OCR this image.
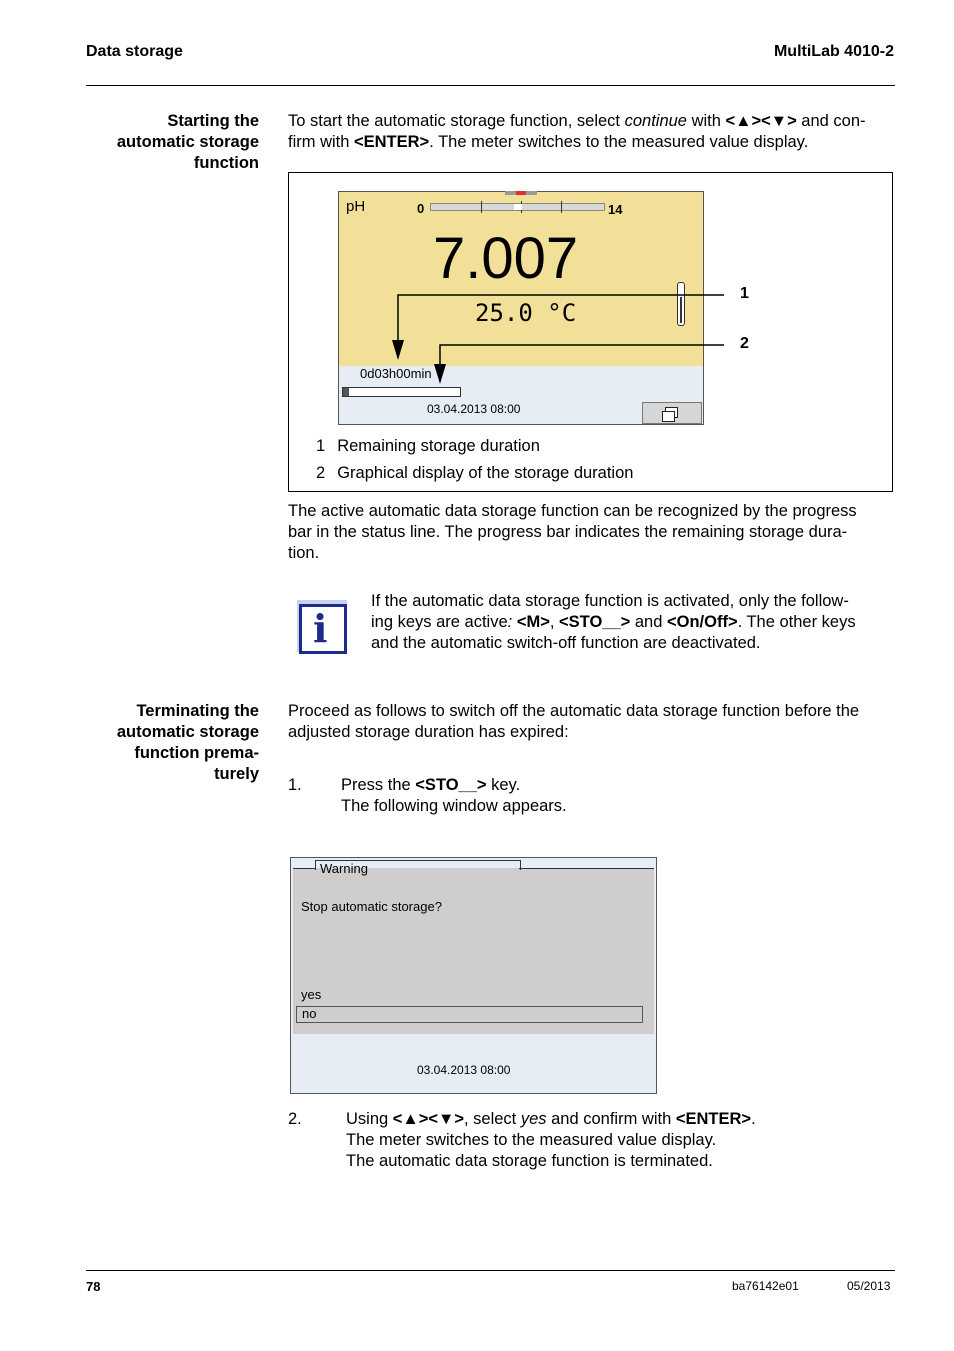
Data storage	MultiLab 4010-2
Starting the
automatic storage
function
To start the automatic storage function, select continue with <▲><▼> and con-
firm with <ENTER>. The meter switches to the measured value display.
pH	0	14
7.007
25.0 °C
0d03h00min
03.04.2013 08:00
1
2
1 Remaining storage duration
2 Graphical display of the storage duration
The active automatic data storage function can be recognized by the progress
bar in the status line. The progress bar indicates the remaining storage dura-
tion.
i
If the automatic data storage function is activated, only the follow-
ing keys are active: <M>, <STO__> and <On/Off>. The other keys
and the automatic switch-off function are deactivated.
Terminating the
automatic storage
function prema-
turely
Proceed as follows to switch off the automatic data storage function before the
adjusted storage duration has expired:
1. Press the <STO__> key.
The following window appears.
Warning
Stop automatic storage?
yes
no
03.04.2013 08:00
2.	Using <▲><▼>, select yes and confirm with <ENTER>.
The meter switches to the measured value display.
The automatic data storage function is terminated.
78	ba76142e01	05/2013
